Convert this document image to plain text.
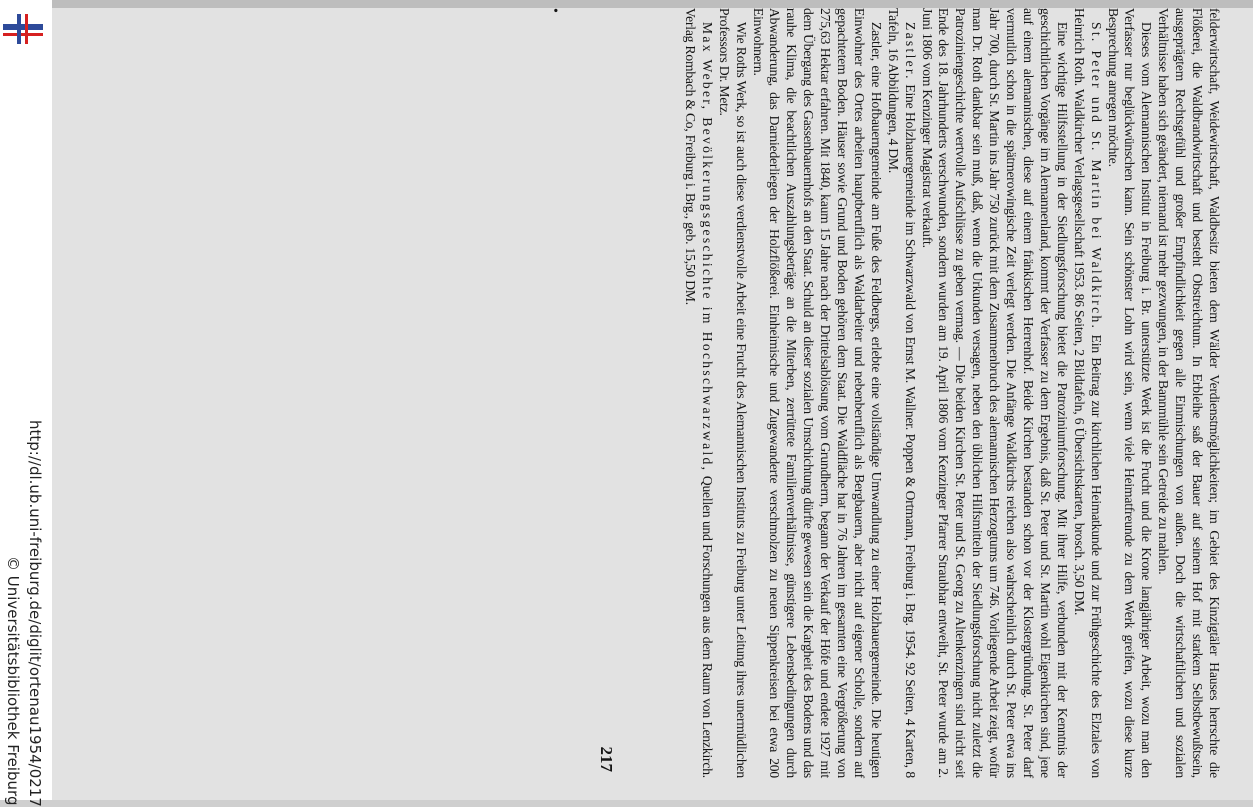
http://dl.ub.uni-freiburg.de/diglit/ortenau1954/0217
© Universitätsbibliothek Freiburg	felderwirtschaft, Weidewirtschaft, Waldbesitz bieten dem Wälder Verdienstmöglichkeiten; im Gebiet des Kinzigtäler Hauses herrschte die Flößerei, die Waldbrandwirtschaft und besteht Obstreichtum. In Erbleihe saß der Bauer auf seinem Hof mit starkem Selbstbewußtsein, ausgeprägtem Rechtsgefühl und großer Empfindlichkeit gegen alle Einmischungen von außen. Doch die wirtschaftlichen und sozialen Verhältnisse haben sich geändert, niemand ist mehr gezwungen, in der Bannmühle sein Getreide zu mahlen.

Dieses vom Alemannischen Institut in Freiburg i. Br. unterstützte Werk ist die Frucht und die Krone langjähriger Arbeit, wozu man den Verfasser nur beglückwünschen kann. Sein schönster Lohn wird sein, wenn viele Heimatfreunde zu dem Werk greifen, wozu diese kurze Besprechung anregen möchte.

St. Peter und St. Martin bei Waldkirch. Ein Beitrag zur kirchlichen Heimatkunde und zur Frühgeschichte des Elztales von Heinrich Roth. Waldkircher Verlagsgesellschaft 1953. 86 Seiten, 2 Bildtafeln, 6 Übersichtskarten, brosch. 3,50 DM.

Eine wichtige Hilfsstellung in der Siedlungsforschung bietet die Patroziniumforschung. Mit ihrer Hilfe, verbunden mit der Kenntnis der geschichtlichen Vorgänge im Alemannenland, kommt der Verfasser zu dem Ergebnis, daß St. Peter und St. Martin wohl Eigenkirchen sind, jene auf einem alemannischen, diese auf einem fränkischen Herrenhof. Beide Kirchen bestanden schon vor der Klostergründung. St. Peter darf vermutlich schon in die spätmerowingische Zeit verlegt werden. Die Anfänge Waldkirchs reichen also wahrscheinlich durch St. Peter etwa ins Jahr 700, durch St. Martin ins Jahr 750 zurück mit dem Zusammenbruch des alemannischen Herzogtums um 746. Vorliegende Arbeit zeigt, wofür man Dr. Roth dankbar sein muß, daß, wenn die Urkunden versagen, neben den üblichen Hilfsmitteln der Siedlungsforschung nicht zuletzt die Patroziniengeschichte wertvolle Aufschlüsse zu geben vermag. — Die beiden Kirchen St. Peter und St. Georg zu Altenkenzingen sind nicht seit Ende des 18. Jahrhunderts verschwunden, sondern wurden am 19. April 1806 vom Kenzinger Pfarrer Straubhar entweiht, St. Peter wurde am 2. Juni 1806 vom Kenzinger Magistrat verkauft.

Zastler. Eine Holzhauergemeinde im Schwarzwald von Ernst M. Wallner. Poppen & Ortmann, Freiburg i. Brg. 1954. 92 Seiten, 4 Karten, 8 Tafeln, 16 Abbildungen, 4 DM.

Zastler, eine Hofbauerngemeinde am Fuße des Feldbergs, erlebte eine vollständige Umwandlung zu einer Holzhauergemeinde. Die heutigen Einwohner des Ortes arbeiten hauptberuflich als Waldarbeiter und nebenberuflich als Bergbauern, aber nicht auf eigener Scholle, sondern auf gepachtetem Boden. Häuser sowie Grund und Boden gehören dem Staat. Die Waldfläche hat in 76 Jahren im gesamten eine Vergrößerung von 275,63 Hektar erfahren. Mit 1840, kaum 15 Jahre nach der Drittelsablösung vom Grundherrn, begann der Verkauf der Höfe und endete 1927 mit dem Übergang des Gassenbauernhofs an den Staat. Schuld an dieser sozialen Umschichtung dürfte gewesen sein die Kargheit des Bodens und das rauhe Klima, die beachtlichen Auszahlungsbeträge an die Miterben, zerrüttete Familienverhältnisse, günstigere Lebensbedingungen durch Abwanderung, das Darniederliegen der Holzflößerei. Einheimische und Zugewanderte verschmolzen zu neuen Sippenkreisen bei etwa 200 Einwohnern.

Wie Roths Werk, so ist auch diese verdienstvolle Arbeit eine Frucht des Alemannischen Instituts zu Freiburg unter Leitung ihres unermüdlichen Professors Dr. Metz.

Max Weber, Bevölkerungsgeschichte im Hochschwarzwald, Quellen und Forschungen aus dem Raum von Lenzkirch. Verlag Rombach & Co, Freiburg i. Brg., geb. 15,50 DM.

•
217
